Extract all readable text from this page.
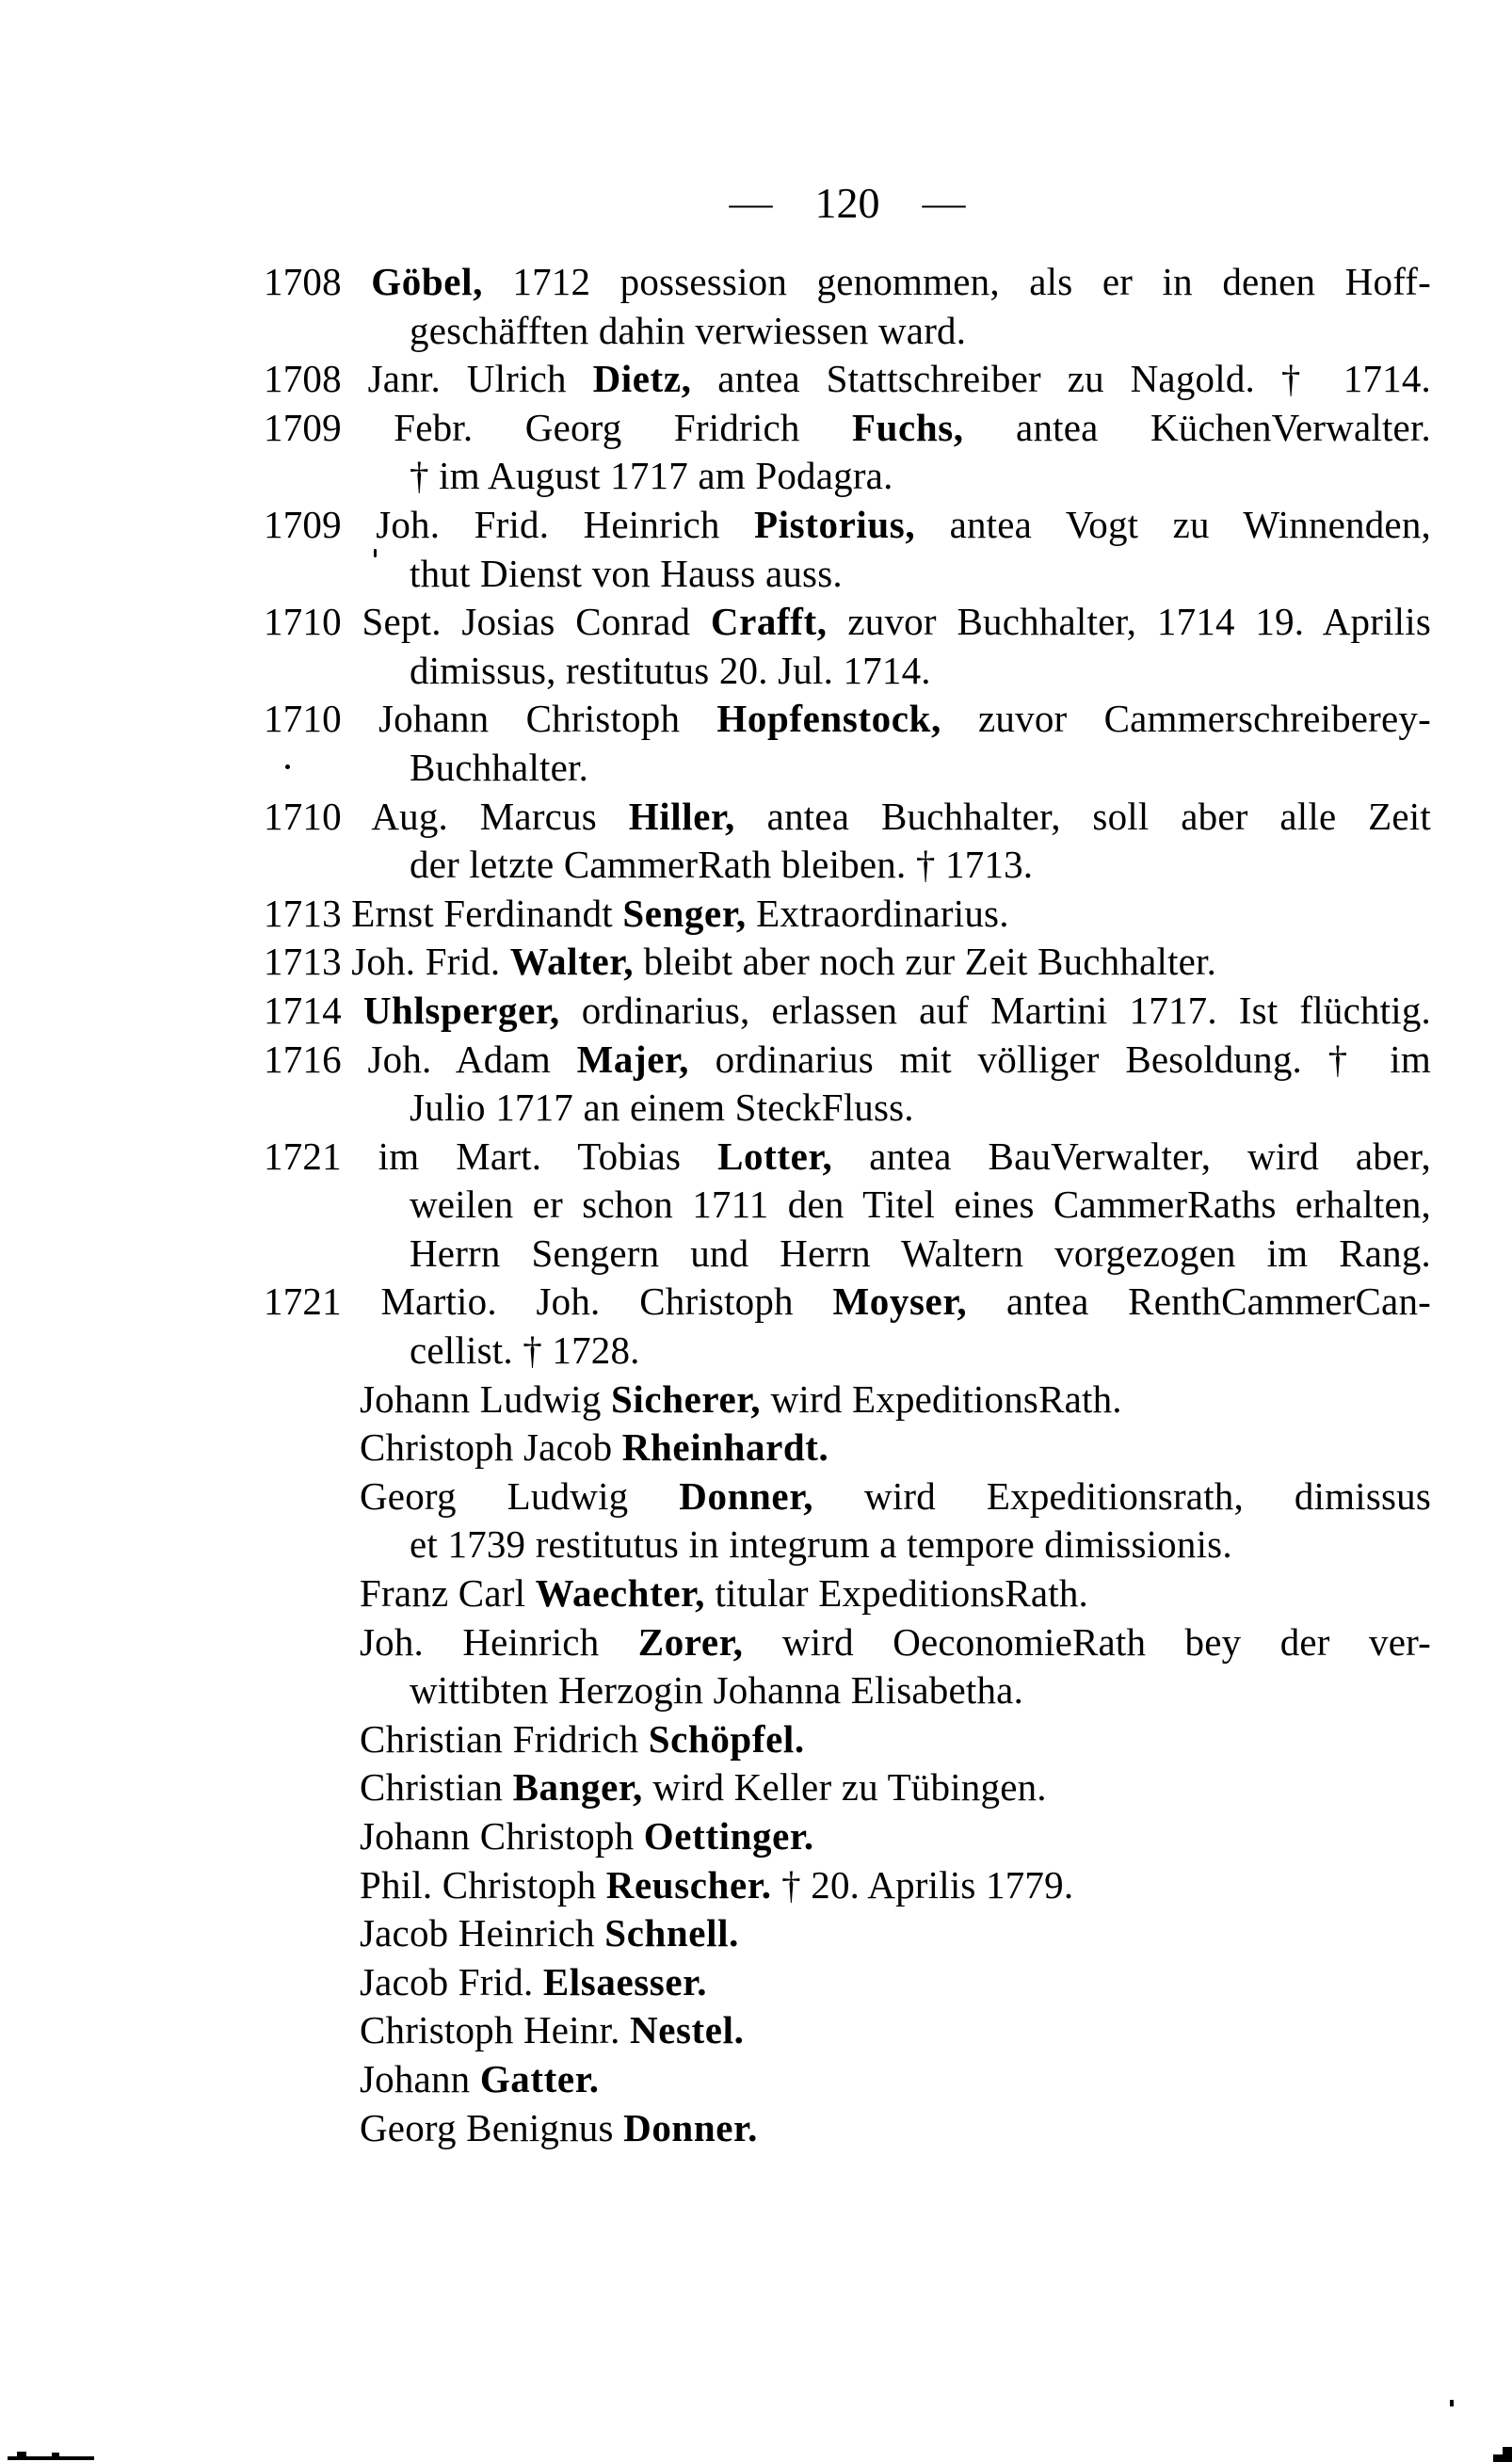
— 120 —
1708 Göbel, 1712 possession genommen, als er in denen Hoff-
geschäfften dahin verwiessen ward.
1708 Janr. Ulrich Dietz, antea Stattschreiber zu Nagold. † 1714.
1709 Febr. Georg Fridrich Fuchs, antea KüchenVerwalter.
† im August 1717 am Podagra.
1709 Joh. Frid. Heinrich Pistorius, antea Vogt zu Winnenden,
thut Dienst von Hauss auss.
1710 Sept. Josias Conrad Crafft, zuvor Buchhalter, 1714 19. Aprilis
dimissus, restitutus 20. Jul. 1714.
1710 Johann Christoph Hopfenstock, zuvor Cammerschreiberey-
Buchhalter.
1710 Aug. Marcus Hiller, antea Buchhalter, soll aber alle Zeit
der letzte CammerRath bleiben. † 1713.
1713 Ernst Ferdinandt Senger, Extraordinarius.
1713 Joh. Frid. Walter, bleibt aber noch zur Zeit Buchhalter.
1714 Uhlsperger, ordinarius, erlassen auf Martini 1717. Ist flüchtig.
1716 Joh. Adam Majer, ordinarius mit völliger Besoldung. † im
Julio 1717 an einem SteckFluss.
1721 im Mart. Tobias Lotter, antea BauVerwalter, wird aber,
weilen er schon 1711 den Titel eines CammerRaths erhalten,
Herrn Sengern und Herrn Waltern vorgezogen im Rang.
1721 Martio. Joh. Christoph Moyser, antea RenthCammerCan-
cellist. † 1728.
Johann Ludwig Sicherer, wird ExpeditionsRath.
Christoph Jacob Rheinhardt.
Georg Ludwig Donner, wird Expeditionsrath, dimissus
et 1739 restitutus in integrum a tempore dimissionis.
Franz Carl Waechter, titular ExpeditionsRath.
Joh. Heinrich Zorer, wird OeconomieRath bey der ver-
wittibten Herzogin Johanna Elisabetha.
Christian Fridrich Schöpfel.
Christian Banger, wird Keller zu Tübingen.
Johann Christoph Oettinger.
Phil. Christoph Reuscher. † 20. Aprilis 1779.
Jacob Heinrich Schnell.
Jacob Frid. Elsaesser.
Christoph Heinr. Nestel.
Johann Gatter.
Georg Benignus Donner.
